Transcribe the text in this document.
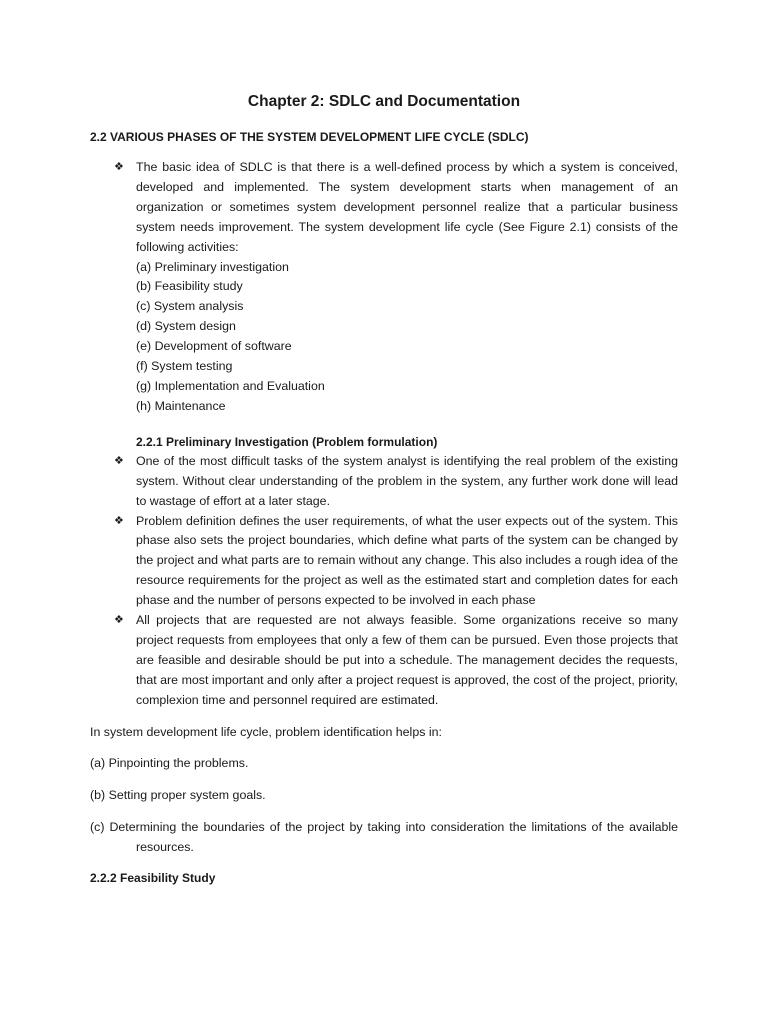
Chapter 2: SDLC and Documentation
2.2 VARIOUS PHASES OF THE SYSTEM DEVELOPMENT LIFE CYCLE (SDLC)
❖ The basic idea of SDLC is that there is a well-defined process by which a system is conceived, developed and implemented. The system development starts when management of an organization or sometimes system development personnel realize that a particular business system needs improvement. The system development life cycle (See Figure 2.1) consists of the following activities:
(a) Preliminary investigation
(b) Feasibility study
(c) System analysis
(d) System design
(e) Development of software
(f) System testing
(g) Implementation and Evaluation
(h) Maintenance
2.2.1 Preliminary Investigation (Problem formulation)
❖ One of the most difficult tasks of the system analyst is identifying the real problem of the existing system. Without clear understanding of the problem in the system, any further work done will lead to wastage of effort at a later stage.
❖ Problem definition defines the user requirements, of what the user expects out of the system. This phase also sets the project boundaries, which define what parts of the system can be changed by the project and what parts are to remain without any change. This also includes a rough idea of the resource requirements for the project as well as the estimated start and completion dates for each phase and the number of persons expected to be involved in each phase
❖ All projects that are requested are not always feasible. Some organizations receive so many project requests from employees that only a few of them can be pursued. Even those projects that are feasible and desirable should be put into a schedule. The management decides the requests, that are most important and only after a project request is approved, the cost of the project, priority, complexion time and personnel required are estimated.
In system development life cycle, problem identification helps in:
(a) Pinpointing the problems.
(b) Setting proper system goals.
(c) Determining the boundaries of the project by taking into consideration the limitations of the available resources.
2.2.2 Feasibility Study
